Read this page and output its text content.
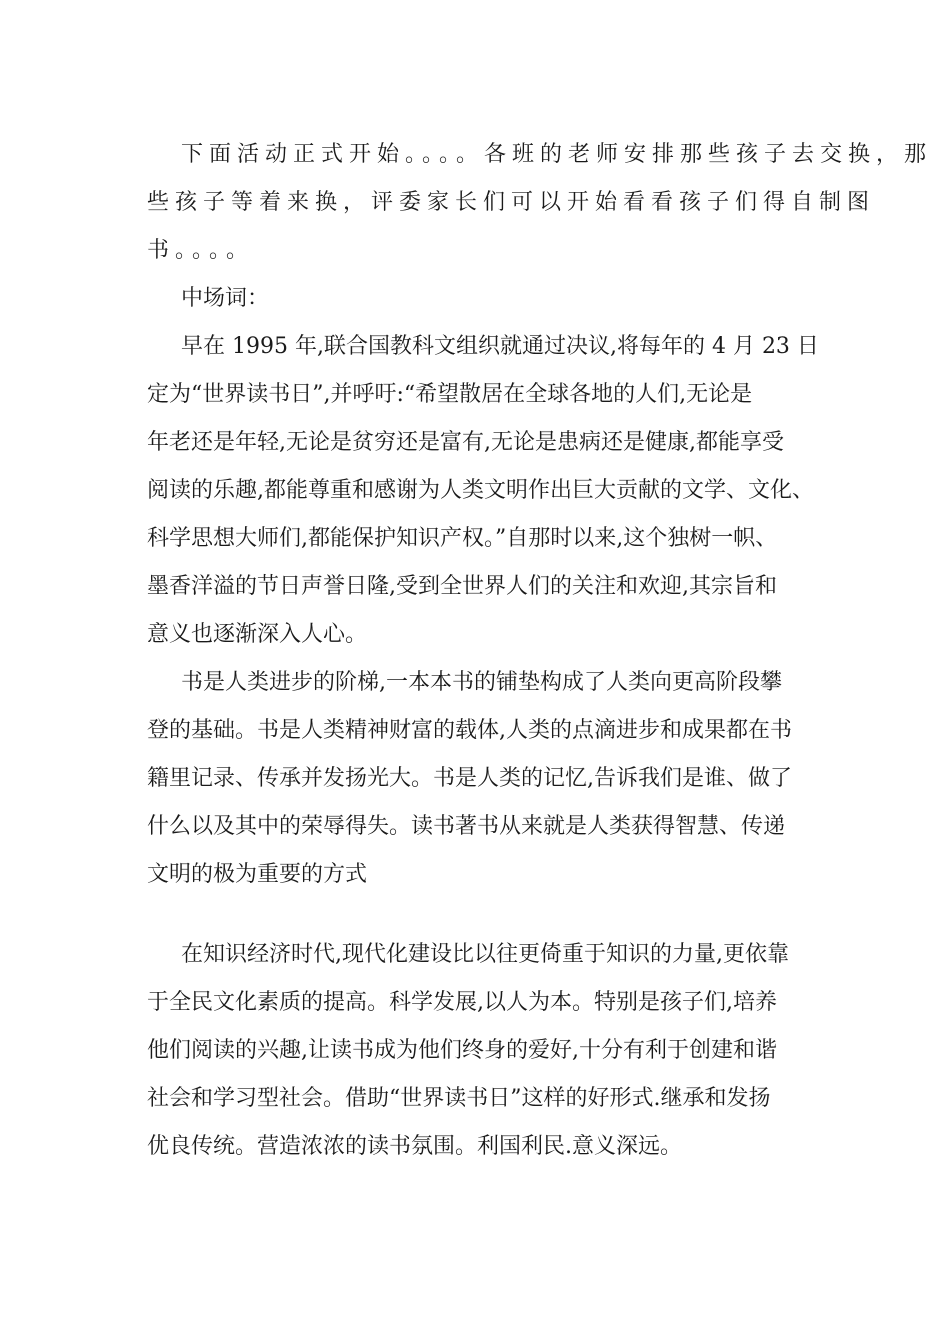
下面活动正式开始。。。。各班的老师安排那些孩子去交换，那
些孩子等着来换，评委家长们可以开始看看孩子们得自制图
书。。。。
中场词：
早在 1995 年,联合国教科文组织就通过决议,将每年的 4 月 23 日
定为“世界读书日”,并呼吁:“希望散居在全球各地的人们,无论是
年老还是年轻,无论是贫穷还是富有,无论是患病还是健康,都能享受
阅读的乐趣,都能尊重和感谢为人类文明作出巨大贡献的文学、文化、
科学思想大师们,都能保护知识产权。”自那时以来,这个独树一帜、
墨香洋溢的节日声誉日隆,受到全世界人们的关注和欢迎,其宗旨和
意义也逐渐深入人心。
书是人类进步的阶梯,一本本书的铺垫构成了人类向更高阶段攀
登的基础。书是人类精神财富的载体,人类的点滴进步和成果都在书
籍里记录、传承并发扬光大。书是人类的记忆,告诉我们是谁、做了
什么以及其中的荣辱得失。读书著书从来就是人类获得智慧、传递
文明的极为重要的方式
在知识经济时代,现代化建设比以往更倚重于知识的力量,更依靠
于全民文化素质的提高。科学发展,以人为本。特别是孩子们,培养
他们阅读的兴趣,让读书成为他们终身的爱好,十分有利于创建和谐
社会和学习型社会。借助“世界读书日”这样的好形式.继承和发扬
优良传统。营造浓浓的读书氛围。利国利民.意义深远。
